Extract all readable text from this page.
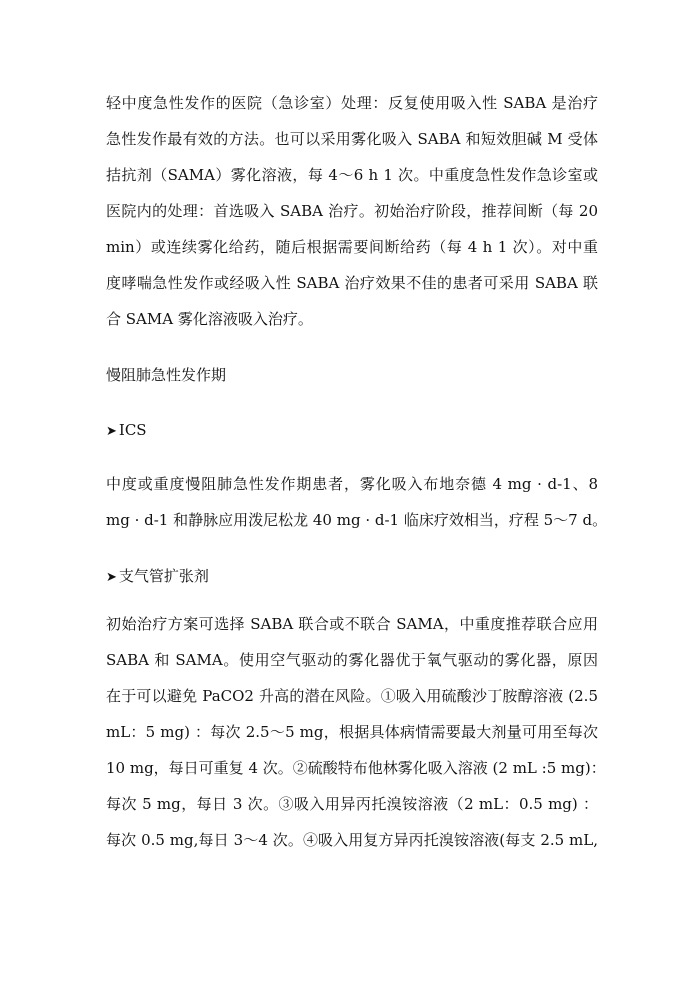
轻中度急性发作的医院（急诊室）处理：反复使用吸入性 SABA 是治疗
急性发作最有效的方法。也可以采用雾化吸入 SABA 和短效胆碱 M 受体
拮抗剂（SAMA）雾化溶液，每 4～6 h 1 次。中重度急性发作急诊室或
医院内的处理：首选吸入 SABA 治疗。初始治疗阶段，推荐间断（每 20
min）或连续雾化给药，随后根据需要间断给药（每 4 h 1 次）。对中重
度哮喘急性发作或经吸入性 SABA 治疗效果不佳的患者可采用 SABA 联
合 SAMA 雾化溶液吸入治疗。
慢阻肺急性发作期
➤ ICS
中度或重度慢阻肺急性发作期患者，雾化吸入布地奈德 4 mg · d-1、8
mg · d-1 和静脉应用泼尼松龙 40 mg · d-1 临床疗效相当，疗程 5～7 d。
➤ 支气管扩张剂
初始治疗方案可选择 SABA 联合或不联合 SAMA，中重度推荐联合应用
SABA 和 SAMA。使用空气驱动的雾化器优于氧气驱动的雾化器，原因
在于可以避免 PaCO2 升高的潜在风险。①吸入用硫酸沙丁胺醇溶液 (2.5
mL：5 mg) ：每次 2.5～5 mg，根据具体病情需要最大剂量可用至每次
10 mg，每日可重复 4 次。②硫酸特布他林雾化吸入溶液 (2 mL :5 mg)：
每次 5 mg，每日 3 次。③吸入用异丙托溴铵溶液（2 mL：0.5 mg) ：
每次 0.5 mg,每日 3～4 次。④吸入用复方异丙托溴铵溶液(每支 2.5 mL,
